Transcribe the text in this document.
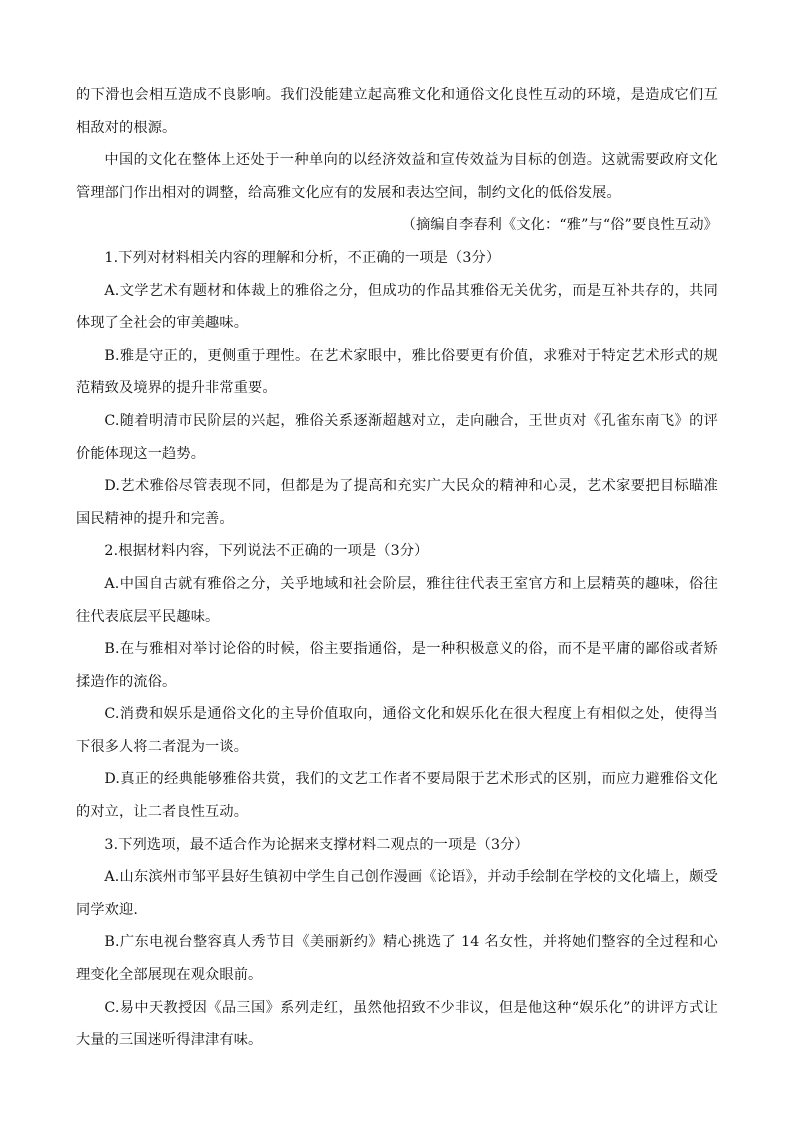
的下滑也会相互造成不良影响。我们没能建立起高雅文化和通俗文化良性互动的环境，是造成它们互相敌对的根源。

中国的文化在整体上还处于一种单向的以经济效益和宣传效益为目标的创造。这就需要政府文化管理部门作出相对的调整，给高雅文化应有的发展和表达空间，制约文化的低俗发展。

（摘编自李春利《文化：“雅”与“俗”要良性互动》

1.下列对材料相关内容的理解和分析，不正确的一项是（3分）

A.文学艺术有题材和体裁上的雅俗之分，但成功的作品其雅俗无关优劣，而是互补共存的，共同体现了全社会的审美趣味。

B.雅是守正的，更侧重于理性。在艺术家眼中，雅比俗要更有价值，求雅对于特定艺术形式的规范精致及境界的提升非常重要。

C.随着明清市民阶层的兴起，雅俗关系逐渐超越对立，走向融合，王世贞对《孔雀东南飞》的评价能体现这一趋势。

D.艺术雅俗尽管表现不同，但都是为了提高和充实广大民众的精神和心灵，艺术家要把目标瞄准国民精神的提升和完善。

2.根据材料内容，下列说法不正确的一项是（3分）

A.中国自古就有雅俗之分，关乎地域和社会阶层，雅往往代表王室官方和上层精英的趣味，俗往往代表底层平民趣味。

B.在与雅相对举讨论俗的时候，俗主要指通俗，是一种积极意义的俗，而不是平庸的鄙俗或者矫揉造作的流俗。

C.消费和娱乐是通俗文化的主导价值取向，通俗文化和娱乐化在很大程度上有相似之处，使得当下很多人将二者混为一谈。

D.真正的经典能够雅俗共赏，我们的文艺工作者不要局限于艺术形式的区别，而应力避雅俗文化的对立，让二者良性互动。

3.下列选项，最不适合作为论据来支撑材料二观点的一项是（3分）

A.山东滨州市邹平县好生镇初中学生自己创作漫画《论语》，并动手绘制在学校的文化墙上，颇受同学欢迎.

B.广东电视台整容真人秀节目《美丽新约》精心挑选了 14 名女性，并将她们整容的全过程和心理变化全部展现在观众眼前。

C.易中天教授因《品三国》系列走红，虽然他招致不少非议，但是他这种“娱乐化”的讲评方式让大量的三国迷听得津津有味。
